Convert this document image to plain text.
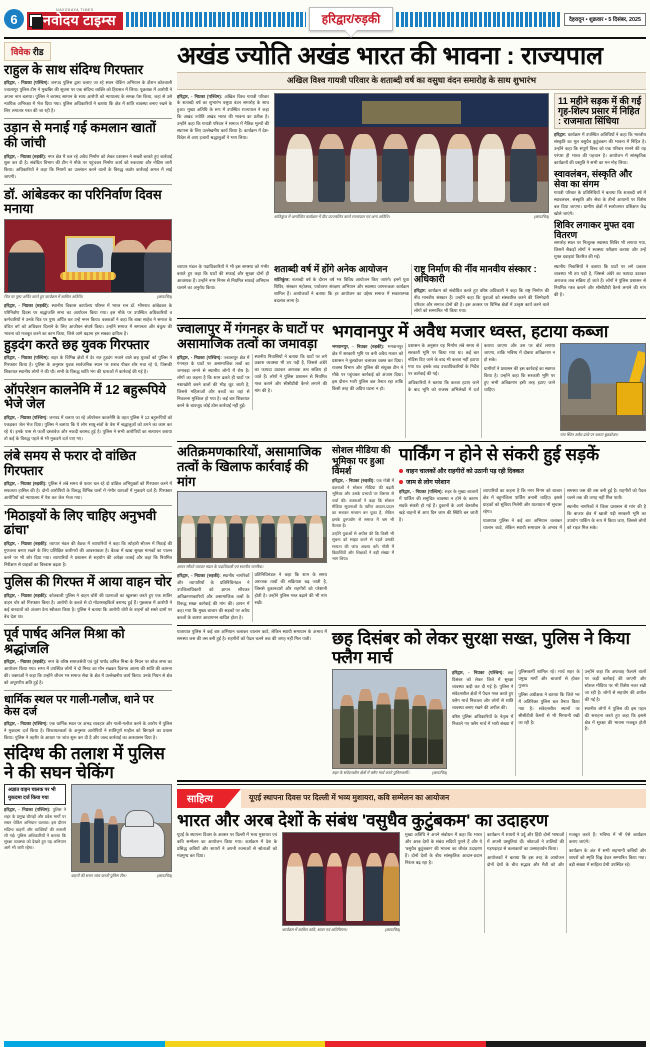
6
NAVODAYA TIMES
नवोदय टाइम्स	हरिद्वार/रुड़की	देहरादून • शुक्रवार • 5 दिसंबर, 2025
विवेक रीड
राहुल के साथ संदिग्ध गिरफ्तार
हरिद्वार, - निप्रका (पश्चिम): जनपद पुलिस द्वारा चलाए जा रहे सघन चेकिंग अभियान के दौरान कोतवाली ज्वालापुर पुलिस टीम ने मुखबिर की सूचना पर एक संदिग्ध व्यक्ति को हिरासत में लिया। पूछताछ में आरोपी ने अपना नाम बताया। पुलिस ने बरामद सामान के साथ आरोपी को न्यायालय के समक्ष पेश किया, जहां से उसे न्यायिक अभिरक्षा में भेज दिया गया। पुलिस अधिकारियों ने बताया कि क्षेत्र में शांति व्यवस्था बनाए रखने के लिए लगातार गश्त की जा रही है।
उड़ान से मनाई गई कमलान खातों की जांची
हरिद्वार, - निप्रका (रुड़की): नगर क्षेत्र में चल रहे अवैध निर्माण को लेकर प्रशासन ने सख्ती बरतते हुए कार्रवाई शुरू कर दी है। संबंधित विभाग की टीम ने मौके पर पहुंचकर निर्माण कार्य को रुकवाया और नोटिस जारी किया। अधिकारियों ने कहा कि नियमों का उल्लंघन करने वालों के विरुद्ध कठोर कार्रवाई अमल में लाई जाएगी।
डॉ. आंबेडकर का परिनिर्वाण दिवस मनाया
चित्र पर पुष्प अर्पित करते हुए कार्यक्रम में शामिल अतिथि।	(छायाचित्र)
हरिद्वार, - निप्रका (रुड़की): स्थानीय विकास कार्यालय परिसर में भारत रत्न डॉ. भीमराव आंबेडकर के परिनिर्वाण दिवस पर श्रद्धांजलि सभा का आयोजन किया गया। इस मौके पर उपस्थित अधिकारियों व कर्मचारियों ने उनके चित्र पर पुष्प अर्पित कर उन्हें नमन किया। वक्ताओं ने कहा कि बाबा साहेब ने समाज के वंचित वर्ग को अधिकार दिलाने के लिए आजीवन संघर्ष किया। उन्होंने समाज में समानता और बंधुत्व की भावना को मजबूत करने का काम किया, जिसे आगे बढ़ाना हम सबका दायित्व है।
हुड़दंग करते छह युवक गिरफ्तार
हरिद्वार, - निप्रका (पश्चिम): शहर के विभिन्न क्षेत्रों में देर रात हुड़दंग मचाने वाले छह युवकों को पुलिस ने गिरफ्तार किया है। पुलिस के अनुसार युवक सार्वजनिक स्थान पर शराब पीकर शोर मचा रहे थे, जिसकी शिकायत स्थानीय लोगों ने की थी। सभी के विरुद्ध शांति भंग की धाराओं में कार्रवाई की गई है।
ऑपरेशन कालनेमि में 12 बहुरूपिये भेजे जेल
हरिद्वार, - निप्रका (पश्चिम): जनपद में चलाए जा रहे ऑपरेशन कालनेमि के तहत पुलिस ने 12 बहुरूपियों को पकड़कर जेल भेज दिया। पुलिस ने बताया कि ये लोग साधु-संतों के वेश में श्रद्धालुओं को ठगने का काम कर रहे थे। इनके पास से फर्जी दस्तावेज और नकदी बरामद हुई है। पुलिस ने सभी आरोपियों का सत्यापन कराया तो कई के विरुद्ध पहले से भी मुकदमे दर्ज पाए गए।
लंबे समय से फरार दो वांछित गिरफ्तार
हरिद्वार, - निप्रका (रुड़की): पुलिस ने लंबे समय से फरार चल रहे दो वांछित अभियुक्तों को गिरफ्तार करने में सफलता हासिल की है। दोनों आरोपियों के विरुद्ध विभिन्न थानों में गंभीर धाराओं में मुकदमे दर्ज हैं। गिरफ्तार आरोपियों को न्यायालय में पेश कर जेल भेजा गया।
'मिठाइयों के लिए चाहिए अनुभवी ढांचा'
हरिद्वार, - निप्रका (रुड़की): व्यापार मंडल की बैठक में व्यापारियों ने कहा कि त्योहारी सीजन में मिठाई की गुणवत्ता बनाए रखने के लिए प्रशिक्षित कारीगरों की आवश्यकता है। बैठक में खाद्य सुरक्षा मानकों का पालन करने पर भी जोर दिया गया। व्यापारियों ने प्रशासन से सहयोग की अपेक्षा जताई और कहा कि नियमित निरीक्षण से ग्राहकों का विश्वास बढ़ता है।
पुलिस की गिरफ्त में आया वाहन चोर
हरिद्वार, - निप्रका (रुड़की): कोतवाली पुलिस ने वाहन चोरी की घटनाओं का खुलासा करते हुए एक शातिर वाहन चोर को गिरफ्तार किया है। आरोपी के कब्जे से दो मोटरसाइकिलें बरामद हुई हैं। पूछताछ में आरोपी ने कई वारदातों को अंजाम देना स्वीकार किया है। पुलिस ने बताया कि आरोपी चोरी के वाहनों को सस्ते दामों पर बेच देता था।
पूर्व पार्षद अनिल मिश्रा को श्रद्धांजलि
हरिद्वार, - निप्रका (रुड़की): नगर के वरिष्ठ समाजसेवी एवं पूर्व पार्षद अनिल मिश्रा के निधन पर शोक सभा का आयोजन किया गया। सभा में उपस्थित लोगों ने दो मिनट का मौन रखकर दिवंगत आत्मा की शांति की कामना की। वक्ताओं ने कहा कि उन्होंने जीवन भर समाज सेवा के क्षेत्र में उल्लेखनीय कार्य किया। उनके निधन से क्षेत्र को अपूरणीय क्षति हुई है।
धार्मिक स्थल पर गाली-गलौज, थाने पर केस दर्ज
हरिद्वार, - निप्रका (पश्चिम): एक धार्मिक स्थल पर अभद्र व्यवहार और गाली-गलौज करने के आरोप में पुलिस ने मुकदमा दर्ज किया है। शिकायतकर्ता के अनुसार आरोपियों ने शांतिपूर्ण माहौल को बिगाड़ने का प्रयास किया। पुलिस ने तहरीर के आधार पर जांच शुरू कर दी है और जल्द कार्रवाई का आश्वासन दिया है।
संदिग्ध की तलाश में पुलिस ने की सघन चेकिंग
अज्ञात वाहन चालक पर भी मुकदमा दर्ज किया गया
हरिद्वार, - निप्रका (पश्चिम): पुलिस ने शहर के प्रमुख चौराहों और प्रवेश मार्गों पर सघन चेकिंग अभियान चलाया। इस दौरान संदिग्ध वाहनों और व्यक्तियों की तलाशी ली गई। पुलिस अधिकारियों ने बताया कि सुरक्षा व्यवस्था को देखते हुए यह अभियान आगे भी जारी रहेगा।
वाहनों की सघन जांच करती पुलिस टीम।	(छायाचित्र)
अखंड ज्योति अखंड भारत की भावना : राज्यपाल
अखिल विश्व गायत्री परिवार के शताब्दी वर्ष का वसुधा वंदन समारोह के साथ शुभारंभ
हरिद्वार, - निप्रका (पश्चिम): अखिल विश्व गायत्री परिवार के शताब्दी वर्ष का शुभारंभ वसुधा वंदन समारोह के साथ हुआ। मुख्य अतिथि के रूप में उपस्थित राज्यपाल ने कहा कि अखंड ज्योति अखंड भारत की भावना का प्रतीक है। उन्होंने कहा कि गायत्री परिवार ने समाज में नैतिक मूल्यों की स्थापना के लिए उल्लेखनीय कार्य किया है। कार्यक्रम में देश-विदेश से आए हजारों श्रद्धालुओं ने भाग लिया।
शांतिकुंज में आयोजित कार्यक्रम में दीप प्रज्ज्वलित करते राज्यपाल एवं अन्य अतिथि।	(छायाचित्र)
11 महीने सड़क में की गई गृह-शिल्प प्रसार में निहित : राजमाता सिंधिया
हरिद्वार: कार्यक्रम में उपस्थित अतिथियों ने कहा कि भारतीय संस्कृति का मूल वसुधैव कुटुंबकम की भावना में निहित है। उन्होंने कहा कि संपूर्ण विश्व को एक परिवार मानने की यह परंपरा ही भारत की पहचान है। आयोजन में सांस्कृतिक कार्यक्रमों की प्रस्तुति ने सभी का मन मोह लिया।
स्वावलंबन, संस्कृति और सेवा का संगम
गायत्री परिवार के प्रतिनिधियों ने बताया कि शताब्दी वर्ष में स्वावलंबन, संस्कृति और सेवा के तीनों आयामों पर विशेष बल दिया जाएगा। ग्रामीण क्षेत्रों में स्वरोजगार प्रशिक्षण केंद्र खोले जाएंगे।
शिविर लगाकर मुफ्त दवा वितरण
समारोह स्थल पर निःशुल्क स्वास्थ्य शिविर भी लगाया गया, जिसमें सैकड़ों लोगों ने स्वास्थ्य परीक्षण कराया और उन्हें मुफ्त दवाइयां वितरित की गईं।
व्यापार मंडल के पदाधिकारियों ने भी इस समस्या को गंभीर बताते हुए कहा कि घाटों की सफाई और सुरक्षा दोनों ही आवश्यक हैं। उन्होंने नगर निगम से नियमित सफाई अभियान चलाने का अनुरोध किया।
शताब्दी वर्ष में होंगे अनेक आयोजन
शांतिकुंज: शताब्दी वर्ष के दौरान वर्ष भर विविध आयोजन किए जाएंगे। इनमें युवा शिविर, संस्कार महोत्सव, पर्यावरण संरक्षण अभियान और स्वास्थ्य जागरूकता कार्यक्रम शामिल हैं। आयोजकों ने बताया कि हर आयोजन का उद्देश्य समाज में सकारात्मक बदलाव लाना है।
राष्ट्र निर्माण की नींव मानवीय संस्कार : अधिकारी
हरिद्वार: कार्यक्रम को संबोधित करते हुए वरिष्ठ अधिकारी ने कहा कि राष्ट्र निर्माण की नींव मानवीय संस्कार हैं। उन्होंने कहा कि युवाओं को संस्कारित करने की जिम्मेदारी परिवार और समाज दोनों की है। इस अवसर पर विभिन्न क्षेत्रों में उत्कृष्ट कार्य करने वाले लोगों को सम्मानित भी किया गया।
स्थानीय निवासियों ने बताया कि घाटों पर लगे प्रकाश व्यवस्था भी ठप पड़ी है, जिससे अंधेरे का फायदा उठाकर अराजक तत्व सक्रिय हो जाते हैं। लोगों ने पुलिस प्रशासन से नियमित गश्त कराने और सीसीटीवी कैमरे लगाने की मांग की है।
ज्वालापुर में गंगनहर के घाटों पर
असामाजिक तत्वों का जमावड़ा
हरिद्वार, - निप्रका (पश्चिम): ज्वालापुर क्षेत्र में गंगनहर के घाटों पर असामाजिक तत्वों का जमावड़ा लगने से स्थानीय लोगों में रोष है। लोगों का कहना है कि शाम ढलते ही घाटों पर नशाखोरी करने वालों की भीड़ जुट जाती है, जिससे महिलाओं और बच्चों का वहां से निकलना मुश्किल हो गया है। कई बार शिकायत करने के बावजूद कोई ठोस कार्रवाई नहीं हुई।
स्थानीय निवासियों ने बताया कि घाटों पर लगे प्रकाश व्यवस्था भी ठप पड़ी है, जिससे अंधेरे का फायदा उठाकर अराजक तत्व सक्रिय हो जाते हैं। लोगों ने पुलिस प्रशासन से नियमित गश्त कराने और सीसीटीवी कैमरे लगाने की मांग की है।
भगवानपुर में अवैध मजार ध्वस्त, हटाया कब्जा
भगवानपुर, - निप्रका (रुड़की): भगवानपुर क्षेत्र में सरकारी भूमि पर बनी अवैध मजार को प्रशासन ने बुलडोजर चलाकर ध्वस्त कर दिया। राजस्व विभाग और पुलिस की संयुक्त टीम ने मौके पर पहुंचकर कार्रवाई को अंजाम दिया। इस दौरान भारी पुलिस बल तैनात रहा ताकि किसी तरह की अप्रिय घटना न हो।
प्रशासन के अनुसार यह निर्माण लंबे समय से सरकारी भूमि पर किया गया था। कई बार नोटिस दिए जाने के बाद भी कब्जा नहीं हटाया गया था। इसके बाद उच्चाधिकारियों के निर्देश पर कार्रवाई की गई।
अधिकारियों ने बताया कि कब्जा हटाए जाने के बाद भूमि को राजस्व अभिलेखों में दर्ज कराया जाएगा और उस पर बोर्ड लगाया जाएगा, ताकि भविष्य में दोबारा अतिक्रमण न हो सके।
ग्रामीणों ने प्रशासन की इस कार्रवाई का स्वागत किया है। उन्होंने कहा कि सरकारी भूमि पर हुए सभी अतिक्रमण इसी तरह हटाए जाने चाहिए।
गांव स्थित अवैध ढांचे पर चलता बुलडोजर।
अतिक्रमणकारियों, असामाजिक
तत्वों के खिलाफ कार्रवाई की मांग
ज्ञापन सौंपते व्यापार मंडल के पदाधिकारी एवं स्थानीय नागरिक।
हरिद्वार, - निप्रका (रुड़की): स्थानीय नागरिकों और व्यापारियों के प्रतिनिधिमंडल ने उपजिलाधिकारी को ज्ञापन सौंपकर अतिक्रमणकारियों और असामाजिक तत्वों के विरुद्ध सख्त कार्रवाई की मांग की। ज्ञापन में कहा गया कि मुख्य बाजार की सड़कों पर अवैध कब्जों के कारण आवागमन बाधित होता है।
प्रतिनिधिमंडल ने कहा कि शाम के समय अराजक तत्वों की सक्रियता बढ़ जाती है, जिससे दुकानदारों और राहगीरों को परेशानी होती है। उन्होंने पुलिस गश्त बढ़ाने की भी मांग रखी।
सोशल मीडिया की
भूमिका पर हुआ विमर्श
हरिद्वार, - निप्रका (रुड़की): एक गोष्ठी में वक्ताओं ने सोशल मीडिया की बढ़ती भूमिका और उसके प्रभावों पर विस्तार से चर्चा की। वक्ताओं ने कहा कि सोशल मीडिया सूचनाओं के त्वरित आदान-प्रदान का सशक्त माध्यम बन चुका है, लेकिन इसके दुरुपयोग से समाज में भ्रम भी फैलता है।
उन्होंने युवाओं से अपील की कि किसी भी सूचना को साझा करने से पहले उसकी सत्यता की जांच अवश्य करें। गोष्ठी में विद्यार्थियों और शिक्षकों ने बड़ी संख्या में भाग लिया।
पार्किंग न होने से संकरी हुई सड़कें
वाहन चालकों और राहगीरों को उठानी पड़ रही दिक्कत
जाम से लोग परेशान
हरिद्वार, - निप्रका (पश्चिम): शहर के मुख्य बाजारों में पार्किंग की समुचित व्यवस्था न होने के कारण सड़कें संकरी हो गई हैं। दुकानों के आगे बेतरतीब खड़े वाहनों से आए दिन जाम की स्थिति बन जाती है।
व्यापारियों का कहना है कि नगर निगम को बाजार क्षेत्र में बहुमंजिला पार्किंग बनानी चाहिए। इससे ग्राहकों को सुविधा मिलेगी और यातायात भी सुचारू रहेगा।
यातायात पुलिस ने कई बार अभियान चलाकर चालान काटे, लेकिन स्थायी समाधान के अभाव में समस्या जस की तस बनी हुई है। राहगीरों को पैदल चलने तक की जगह नहीं मिल पाती।
स्थानीय नागरिकों ने जिला प्रशासन से मांग की है कि बाजार क्षेत्र में खाली पड़ी सरकारी भूमि का उपयोग पार्किंग के रूप में किया जाए, जिससे लोगों को राहत मिल सके।
यातायात पुलिस ने कई बार अभियान चलाकर चालान काटे, लेकिन स्थायी समाधान के अभाव में समस्या जस की तस बनी हुई है। राहगीरों को पैदल चलने तक की जगह नहीं मिल पाती।	छह दिसंबर को लेकर सुरक्षा सख्त, पुलिस ने किया फ्लैग मार्च
शहर के संवेदनशील क्षेत्रों में फ्लैग मार्च करते पुलिसकर्मी।	(छायाचित्र)
हरिद्वार, - निप्रका (पश्चिम): छह दिसंबर को लेकर जिले में सुरक्षा व्यवस्था कड़ी कर दी गई है। पुलिस ने संवेदनशील क्षेत्रों में पैदल गश्त करते हुए फ्लैग मार्च निकाला और लोगों से शांति व्यवस्था बनाए रखने की अपील की।
वरिष्ठ पुलिस अधिकारियों के नेतृत्व में निकाले गए फ्लैग मार्च में भारी संख्या में पुलिसकर्मी शामिल रहे। मार्च शहर के प्रमुख मार्गों और बाजारों से होकर गुजरा।
पुलिस अधीक्षक ने बताया कि जिले भर में अतिरिक्त पुलिस बल तैनात किया गया है। संवेदनशील स्थानों पर सीसीटीवी कैमरों से भी निगरानी रखी जा रही है।
उन्होंने कहा कि अफवाह फैलाने वालों पर कड़ी कार्रवाई की जाएगी और सोशल मीडिया पर भी विशेष नजर रखी जा रही है। लोगों से सहयोग की अपील की गई है।
स्थानीय लोगों ने पुलिस की इस पहल की सराहना करते हुए कहा कि इससे क्षेत्र में सुरक्षा की भावना मजबूत होती है।
साहित्य	यूएई स्थापना दिवस पर दिल्ली में भव्य मुशायरा, कवि सम्मेलन का आयोजन
भारत और अरब देशों के संबंध 'वसुधैव कुटुंबकम' का उदाहरण
यूएई के स्थापना दिवस के अवसर पर दिल्ली में भव्य मुशायरा एवं कवि सम्मेलन का आयोजन किया गया। कार्यक्रम में देश के प्रसिद्ध कवियों और शायरों ने अपनी रचनाओं से श्रोताओं को मंत्रमुग्ध कर दिया।
कार्यक्रम में शामिल कवि, शायर एवं अतिथिगण।	(छायाचित्र)
मुख्य अतिथि ने अपने संबोधन में कहा कि भारत और अरब देशों के संबंध सदियों पुराने हैं और ये 'वसुधैव कुटुंबकम' की भावना का जीवंत उदाहरण हैं। दोनों देशों के बीच सांस्कृतिक आदान-प्रदान निरंतर बढ़ रहा है।
कार्यक्रम में शायरों ने उर्दू और हिंदी दोनों भाषाओं में अपनी प्रस्तुतियां दीं। श्रोताओं ने तालियों की गड़गड़ाहट से कलाकारों का उत्साहवर्धन किया।
आयोजकों ने बताया कि इस तरह के आयोजन दोनों देशों के बीच सद्भाव और मैत्री को और मजबूत करते हैं। भविष्य में भी ऐसे कार्यक्रम कराए जाएंगे।
कार्यक्रम के अंत में सभी सहभागी कवियों और शायरों को स्मृति चिह्न देकर सम्मानित किया गया। बड़ी संख्या में साहित्य प्रेमी उपस्थित रहे।
